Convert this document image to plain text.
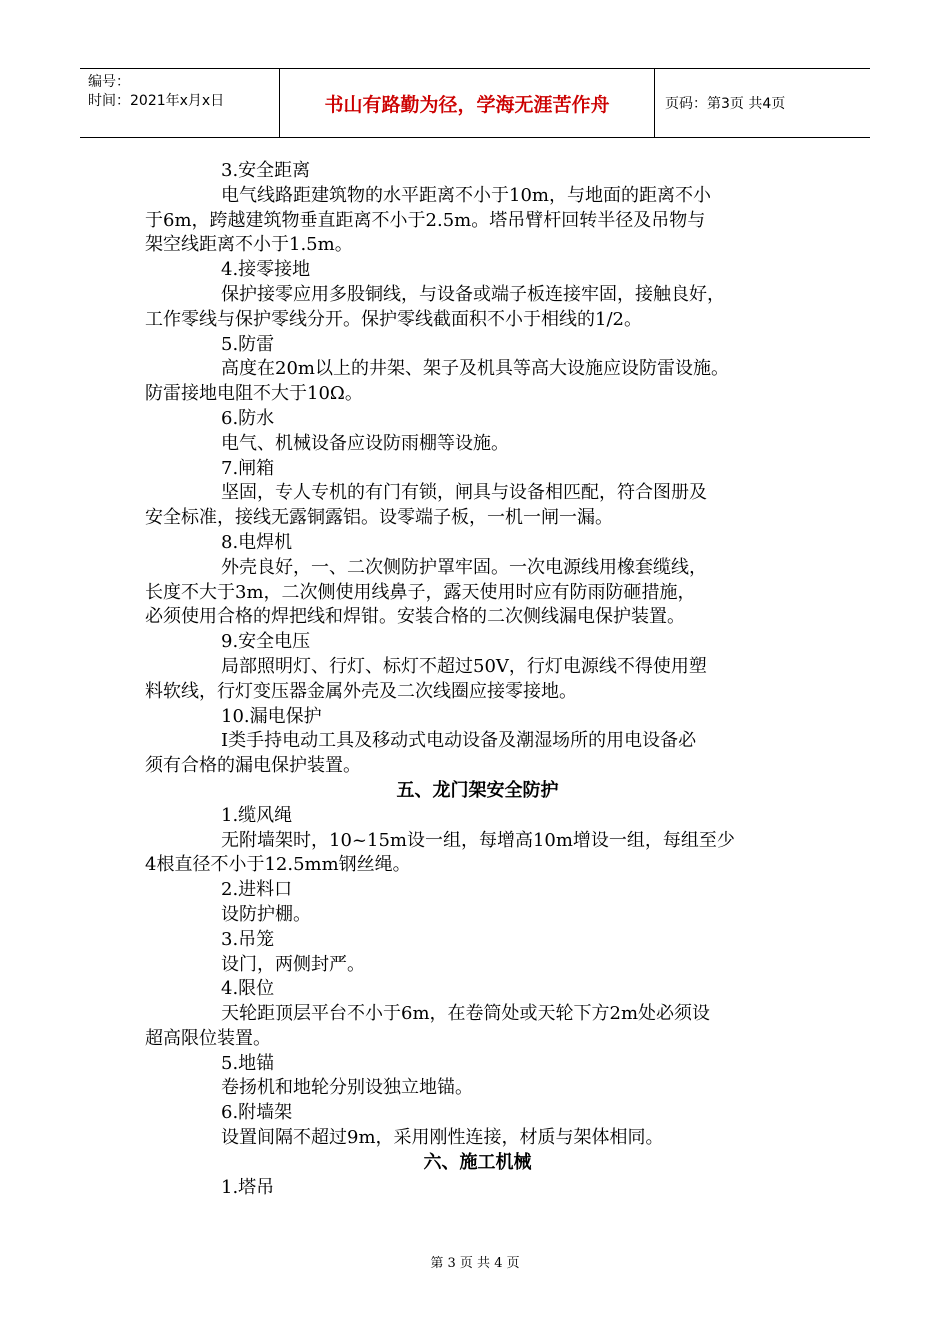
编号：
时间：2021年x月x日	书山有路勤为径，学海无涯苦作舟	页码：第3页 共4页
3.安全距离
电气线路距建筑物的水平距离不小于10m，与地面的距离不小
于6m，跨越建筑物垂直距离不小于2.5m。塔吊臂杆回转半径及吊物与
架空线距离不小于1.5m。
4.接零接地
保护接零应用多股铜线，与设备或端子板连接牢固，接触良好，
工作零线与保护零线分开。保护零线截面积不小于相线的1/2。
5.防雷
高度在20m以上的井架、架子及机具等高大设施应设防雷设施。
防雷接地电阻不大于10Ω。
6.防水
电气、机械设备应设防雨棚等设施。
7.闸箱
坚固，专人专机的有门有锁，闸具与设备相匹配，符合图册及
安全标准，接线无露铜露铝。设零端子板，一机一闸一漏。
8.电焊机
外壳良好，一、二次侧防护罩牢固。一次电源线用橡套缆线，
长度不大于3m，二次侧使用线鼻子，露天使用时应有防雨防砸措施，
必须使用合格的焊把线和焊钳。安装合格的二次侧线漏电保护装置。
9.安全电压
局部照明灯、行灯、标灯不超过50V，行灯电源线不得使用塑
料软线，行灯变压器金属外壳及二次线圈应接零接地。
10.漏电保护
I类手持电动工具及移动式电动设备及潮湿场所的用电设备必
须有合格的漏电保护装置。
五、龙门架安全防护
1.缆风绳
无附墙架时，10~15m设一组，每增高10m增设一组，每组至少
4根直径不小于12.5mm钢丝绳。
2.进料口
设防护棚。
3.吊笼
设门，两侧封严。
4.限位
天轮距顶层平台不小于6m，在卷筒处或天轮下方2m处必须设
超高限位装置。
5.地锚
卷扬机和地轮分别设独立地锚。
6.附墙架
设置间隔不超过9m，采用刚性连接，材质与架体相同。
六、施工机械
1.塔吊
第 3 页 共 4 页
